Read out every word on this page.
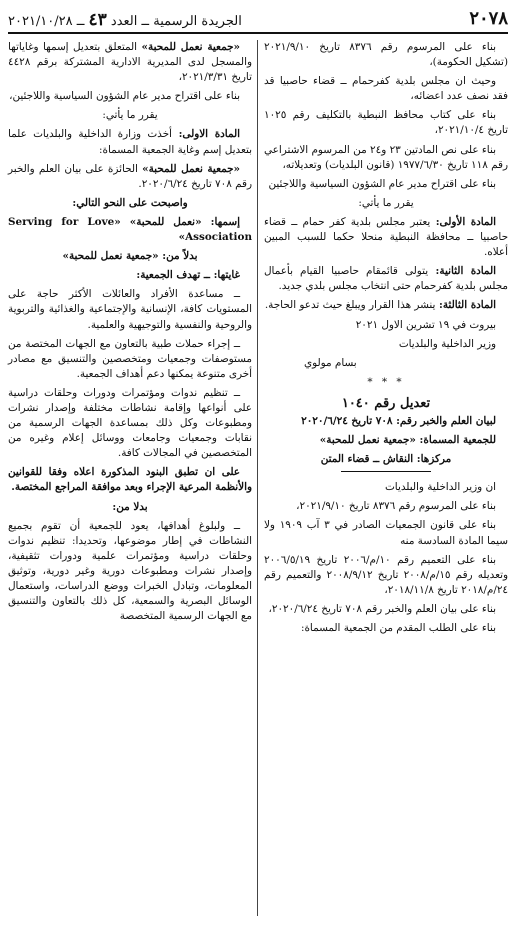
٢٠٧٨
الجريدة الرسمية ــ العدد ٤٣ ــ ٢٠٢١/١٠/٢٨

بناء على المرسوم رقم ٨٣٧٦ تاريخ ٢٠٢١/٩/١٠ (تشكيل الحكومة)،

وحيث ان مجلس بلدية كفرحمام ــ قضاء حاصبيا قد فقد نصف عدد اعضائه،

بناء على كتاب محافظ النبطية بالتكليف رقم ١٠٢٥ تاريخ ٢٠٢١/١٠/٤،

بناء على نص المادتين ٢٣ و٢٤ من المرسوم الاشتراعي رقم ١١٨ تاريخ ١٩٧٧/٦/٣٠ (قانون البلديات) وتعديلاته،

بناء على اقتراح مدير عام الشؤون السياسية واللاجئين

يقرر ما يأتي:

المادة الأولى: يعتبر مجلس بلدية كفر حمام ــ قضاء حاصبيا ــ محافظة النبطية منحلا حكما للسبب المبين أعلاه.

المادة الثانية: يتولى قائمقام حاصبيا القيام بأعمال مجلس بلدية كفرحمام حتى انتخاب مجلس بلدي جديد.

المادة الثالثة: ينشر هذا القرار ويبلغ حيث تدعو الحاجة.

بيروت في ١٩ تشرين الاول ٢٠٢١

وزير الداخلية والبلديات

بسام مولوي

* * *

تعديل رقم ١٠٤٠

لبيان العلم والخبر رقم: ٧٠٨ تاريخ ٢٠٢٠/٦/٢٤

للجمعية المسماة: «جمعية نعمل للمحبة»

مركزها: النقاش ــ قضاء المتن

ان وزير الداخلية والبلديات

بناء على المرسوم رقم ٨٣٧٦ تاريخ ٢٠٢١/٩/١٠،

بناء على قانون الجمعيات الصادر في ٣ آب ١٩٠٩ ولا سيما المادة السادسة منه

بناء على التعميم رقم ١٠/م/٢٠٠٦ تاريخ ٢٠٠٦/٥/١٩ وتعديله رقم ١٥/م/٢٠٠٨ تاريخ ٢٠٠٨/٩/١٢ والتعميم رقم ٢٤/م/٢٠١٨ تاريخ ٢٠١٨/١١/٨،

بناء على بيان العلم والخبر رقم ٧٠٨ تاريخ ٢٠٢٠/٦/٢٤،

بناء على الطلب المقدم من الجمعية المسماة:

«جمعية نعمل للمحبة» المتعلق بتعديل إسمها وغاياتها والمسجل لدى المديرية الادارية المشتركة برقم ٤٤٢٨ تاريخ ٢٠٢١/٣/٣١،

بناء على اقتراح مدير عام الشؤون السياسية واللاجئين،

يقرر ما يأتي:

المادة الاولى: أخذت وزارة الداخلية والبلديات علما بتعديل إسم وغاية الجمعية المسماة:

«جمعية نعمل للمحبة» الحائزة على بيان العلم والخبر رقم ٧٠٨ تاريخ ٢٠٢٠/٦/٢٤.

واصبحت على النحو التالي:

إسمها: «نعمل للمحبة» «Serving for Love Association»

بدلاً من: «جمعية نعمل للمحبة»

غايتها: ــ تهدف الجمعية:

ــ مساعدة الأفراد والعائلات الأكثر حاجة على المستويات كافة، الإنسانية والإجتماعية والغذائية والتربوية والروحية والنفسية والتوجيهية والعلمية.

ــ إجراء حملات طبية بالتعاون مع الجهات المختصة من مستوصفات وجمعيات ومتخصصين والتنسيق مع مصادر أخرى متنوعة يمكنها دعم أهداف الجمعية.

ــ تنظيم ندوات ومؤتمرات ودورات وحلقات دراسية على أنواعها وإقامة نشاطات مختلفة وإصدار نشرات ومطبوعات وكل ذلك بمساعدة الجهات الرسمية من نقابات وجمعيات وجامعات ووسائل إعلام وغيره من المتخصصين في المجالات كافة.

على ان تطبق البنود المذكورة اعلاه وفقا للقوانين والأنظمة المرعية الإجراء وبعد موافقة المراجع المختصة.

بدلا من:

ــ ولبلوغ أهدافها، يعود للجمعية أن تقوم بجميع النشاطات في إطار موضوعها، وتحديدا: تنظيم ندوات وحلقات دراسية ومؤتمرات علمية ودورات تثقيفية، وإصدار نشرات ومطبوعات دورية وغير دورية، وتوثيق المعلومات، وتبادل الخبرات ووضع الدراسات، واستعمال الوسائل البصرية والسمعية، كل ذلك بالتعاون والتنسيق مع الجهات الرسمية المتخصصة
